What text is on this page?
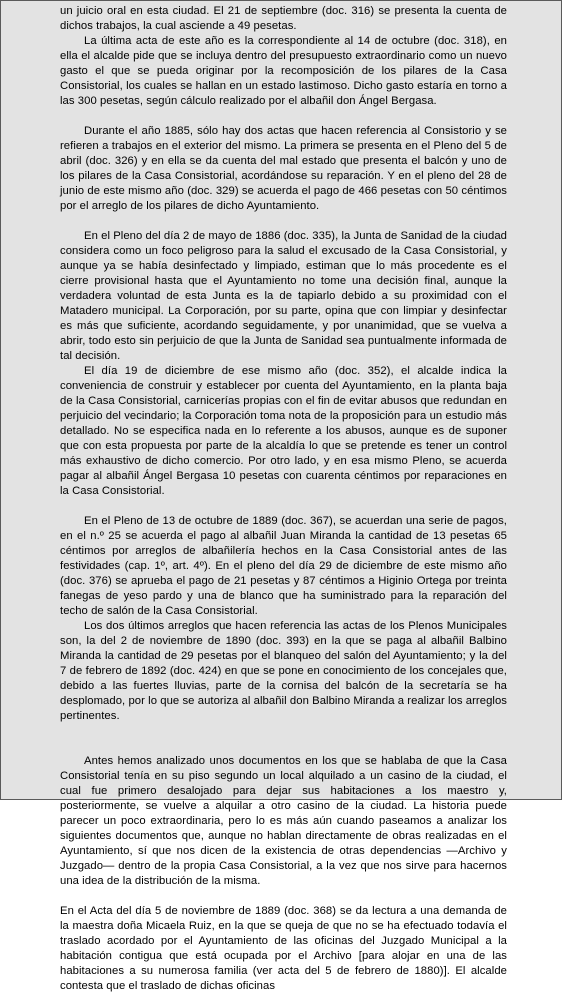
un juicio oral en esta ciudad. El 21 de septiembre (doc. 316) se presenta la cuenta de dichos trabajos, la cual asciende a 49 pesetas.

La última acta de este año es la correspondiente al 14 de octubre (doc. 318), en ella el alcalde pide que se incluya dentro del presupuesto extraordinario como un nuevo gasto el que se pueda originar por la recomposición de los pilares de la Casa Consistorial, los cuales se hallan en un estado lastimoso. Dicho gasto estaría en torno a las 300 pesetas, según cálculo realizado por el albañil don Ángel Bergasa.

Durante el año 1885, sólo hay dos actas que hacen referencia al Consistorio y se refieren a trabajos en el exterior del mismo. La primera se presenta en el Pleno del 5 de abril (doc. 326) y en ella se da cuenta del mal estado que presenta el balcón y uno de los pilares de la Casa Consistorial, acordándose su reparación. Y en el pleno del 28 de junio de este mismo año (doc. 329) se acuerda el pago de 466 pesetas con 50 céntimos por el arreglo de los pilares de dicho Ayuntamiento.

En el Pleno del día 2 de mayo de 1886 (doc. 335), la Junta de Sanidad de la ciudad considera como un foco peligroso para la salud el excusado de la Casa Consistorial, y aunque ya se había desinfectado y limpiado, estiman que lo más procedente es el cierre provisional hasta que el Ayuntamiento no tome una decisión final, aunque la verdadera voluntad de esta Junta es la de tapiarlo debido a su proximidad con el Matadero municipal. La Corporación, por su parte, opina que con limpiar y desinfectar es más que suficiente, acordando seguidamente, y por unanimidad, que se vuelva a abrir, todo esto sin perjuicio de que la Junta de Sanidad sea puntualmente informada de tal decisión.

El día 19 de diciembre de ese mismo año (doc. 352), el alcalde indica la conveniencia de construir y establecer por cuenta del Ayuntamiento, en la planta baja de la Casa Consistorial, carnicerías propias con el fin de evitar abusos que redundan en perjuicio del vecindario; la Corporación toma nota de la proposición para un estudio más detallado. No se especifica nada en lo referente a los abusos, aunque es de suponer que con esta propuesta por parte de la alcaldía lo que se pretende es tener un control más exhaustivo de dicho comercio. Por otro lado, y en esa mismo Pleno, se acuerda pagar al albañil Ángel Bergasa 10 pesetas con cuarenta céntimos por reparaciones en la Casa Consistorial.

En el Pleno de 13 de octubre de 1889 (doc. 367), se acuerdan una serie de pagos, en el n.º 25 se acuerda el pago al albañil Juan Miranda la cantidad de 13 pesetas 65 céntimos por arreglos de albañilería hechos en la Casa Consistorial antes de las festividades (cap. 1º, art. 4º). En el pleno del día 29 de diciembre de este mismo año (doc. 376) se aprueba el pago de 21 pesetas y 87 céntimos a Higinio Ortega por treinta fanegas de yeso pardo y una de blanco que ha suministrado para la reparación del techo de salón de la Casa Consistorial.

Los dos últimos arreglos que hacen referencia las actas de los Plenos Municipales son, la del 2 de noviembre de 1890 (doc. 393) en la que se paga al albañil Balbino Miranda la cantidad de 29 pesetas por el blanqueo del salón del Ayuntamiento; y la del 7 de febrero de 1892 (doc. 424) en que se pone en conocimiento de los concejales que, debido a las fuertes lluvias, parte de la cornisa del balcón de la secretaría se ha desplomado, por lo que se autoriza al albañil don Balbino Miranda a realizar los arreglos pertinentes.

Antes hemos analizado unos documentos en los que se hablaba de que la Casa Consistorial tenía en su piso segundo un local alquilado a un casino de la ciudad, el cual fue primero desalojado para dejar sus habitaciones a los maestro y, posteriormente, se vuelve a alquilar a otro casino de la ciudad. La historia puede parecer un poco extraordinaria, pero lo es más aún cuando paseamos a analizar los siguientes documentos que, aunque no hablan directamente de obras realizadas en el Ayuntamiento, sí que nos dicen de la existencia de otras dependencias —Archivo y Juzgado— dentro de la propia Casa Consistorial, a la vez que nos sirve para hacernos una idea de la distribución de la misma.

En el Acta del día 5 de noviembre de 1889 (doc. 368) se da lectura a una demanda de la maestra doña Micaela Ruiz, en la que se queja de que no se ha efectuado todavía el traslado acordado por el Ayuntamiento de las oficinas del Juzgado Municipal a la habitación contigua que está ocupada por el Archivo [para alojar en una de las habitaciones a su numerosa familia (ver acta del 5 de febrero de 1880)]. El alcalde contesta que el traslado de dichas oficinas
